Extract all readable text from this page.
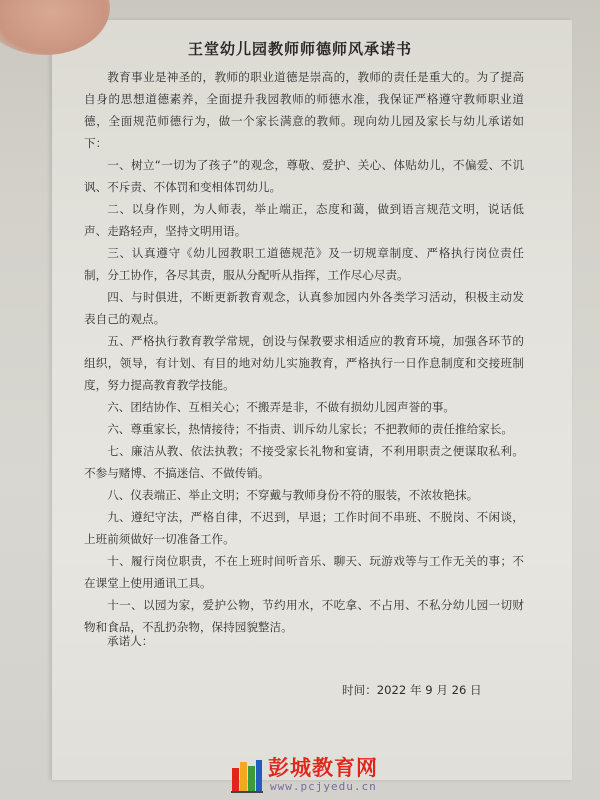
王堂幼儿园教师师德师风承诺书

教育事业是神圣的，教师的职业道德是崇高的，教师的责任是重大的。为了提高自身的思想道德素养，全面提升我园教师的师德水准，我保证严格遵守教师职业道德，全面规范师德行为，做一个家长满意的教师。现向幼儿园及家长与幼儿承诺如下：

一、树立“一切为了孩子”的观念，尊敬、爱护、关心、体贴幼儿，不偏爱、不讥讽、不斥责、不体罚和变相体罚幼儿。

二、以身作则，为人师表，举止端正，态度和蔼，做到语言规范文明，说话低声、走路轻声，坚持文明用语。

三、认真遵守《幼儿园教职工道德规范》及一切规章制度、严格执行岗位责任制，分工协作，各尽其责，服从分配听从指挥，工作尽心尽责。

四、与时俱进，不断更新教育观念，认真参加园内外各类学习活动，积极主动发表自己的观点。

五、严格执行教育教学常规，创设与保教要求相适应的教育环境，加强各环节的组织，领导，有计划、有目的地对幼儿实施教育，严格执行一日作息制度和交接班制度，努力提高教育教学技能。

六、团结协作、互相关心；不搬弄是非，不做有损幼儿园声誉的事。

六、尊重家长，热情接待；不指责、训斥幼儿家长；不把教师的责任推给家长。

七、廉洁从教、依法执教；不接受家长礼物和宴请，不利用职责之便谋取私利。不参与赌博、不搞迷信、不做传销。

八、仪表端正、举止文明；不穿戴与教师身份不符的服装，不浓妆艳抹。

九、遵纪守法，严格自律，不迟到，早退；工作时间不串班、不脱岗、不闲谈，上班前须做好一切准备工作。

十、履行岗位职责，不在上班时间听音乐、聊天、玩游戏等与工作无关的事；不在课堂上使用通讯工具。

十一、以园为家，爱护公物，节约用水，不吃拿、不占用、不私分幼儿园一切财物和食品，不乱扔杂物，保持园貌整洁。

承诺人：
时间：2022 年 9 月 26 日
彭城教育网
www.pcjyedu.cn
